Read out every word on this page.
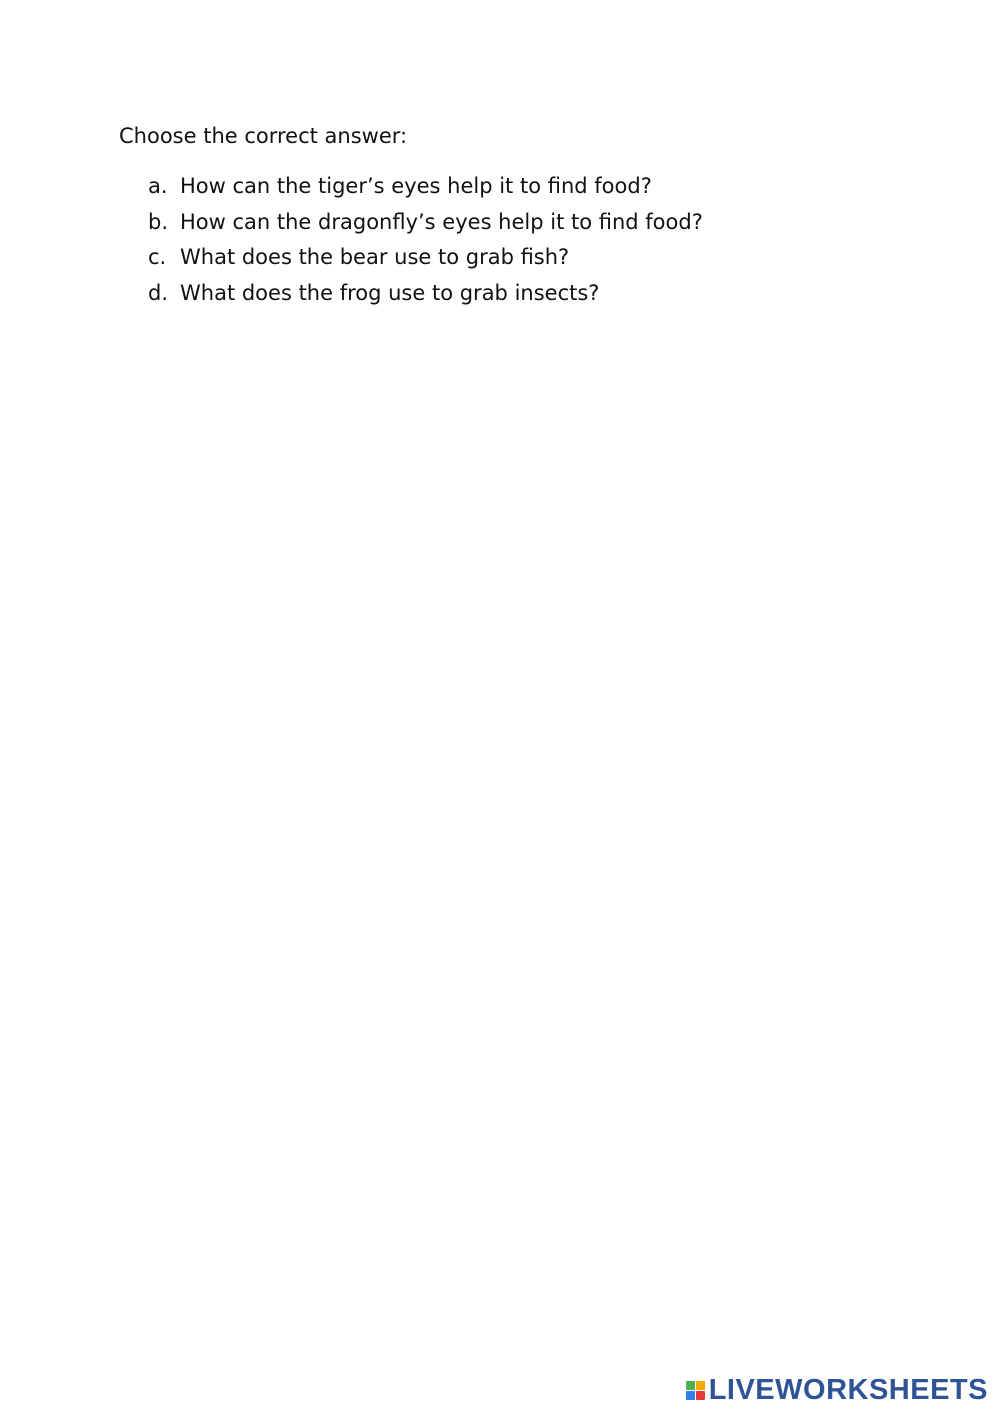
Choose the correct answer:
a. How can the tiger’s eyes help it to find food?
b. How can the dragonfly’s eyes help it to find food?
c. What does the bear use to grab fish?
d. What does the frog use to grab insects?
LIVEWORKSHEETS
